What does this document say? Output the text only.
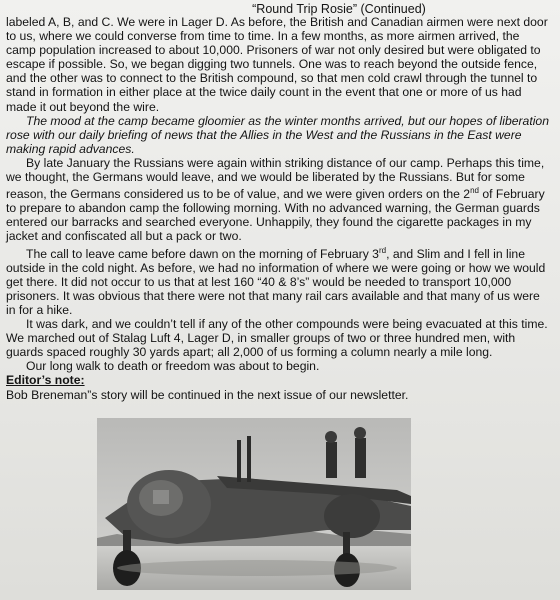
“Round Trip Rosie” (Continued)

labeled A, B, and C. We were in Lager D. As before, the British and Canadian airmen were next door to us, where we could converse from time to time. In a few months, as more airmen arrived, the camp population increased to about 10,000. Prisoners of war not only desired but were obligated to escape if possible. So, we began digging two tunnels. One was to reach beyond the outside fence, and the other was to connect to the British compound, so that men cold crawl through the tunnel to stand in formation in either place at the twice daily count in the event that one or more of us had made it out beyond the wire.

The mood at the camp became gloomier as the winter months arrived, but our hopes of liberation rose with our daily briefing of news that the Allies in the West and the Russians in the East were making rapid advances.

By late January the Russians were again within striking distance of our camp. Perhaps this time, we thought, the Germans would leave, and we would be liberated by the Russians. But for some reason, the Germans considered us to be of value, and we were given orders on the 2nd of February to prepare to abandon camp the following morning. With no advanced warning, the German guards entered our barracks and searched everyone. Unhappily, they found the cigarette packages in my jacket and confiscated all but a pack or two.

The call to leave came before dawn on the morning of February 3rd, and Slim and I fell in line outside in the cold night. As before, we had no information of where we were going or how we would get there. It did not occur to us that at lest 160 “40 & 8’s” would be needed to transport 10,000 prisoners. It was obvious that there were not that many rail cars available and that many of us were in for a hike.

It was dark, and we couldn’t tell if any of the other compounds were being evacuated at this time. We marched out of Stalag Luft 4, Lager D, in smaller groups of two or three hundred men, with guards spaced roughly 30 yards apart; all 2,000 of us forming a column nearly a mile long.

Our long walk to death or freedom was about to begin.

Editor’s note:

Bob Breneman”s story will be continued in the next issue of our newsletter.
